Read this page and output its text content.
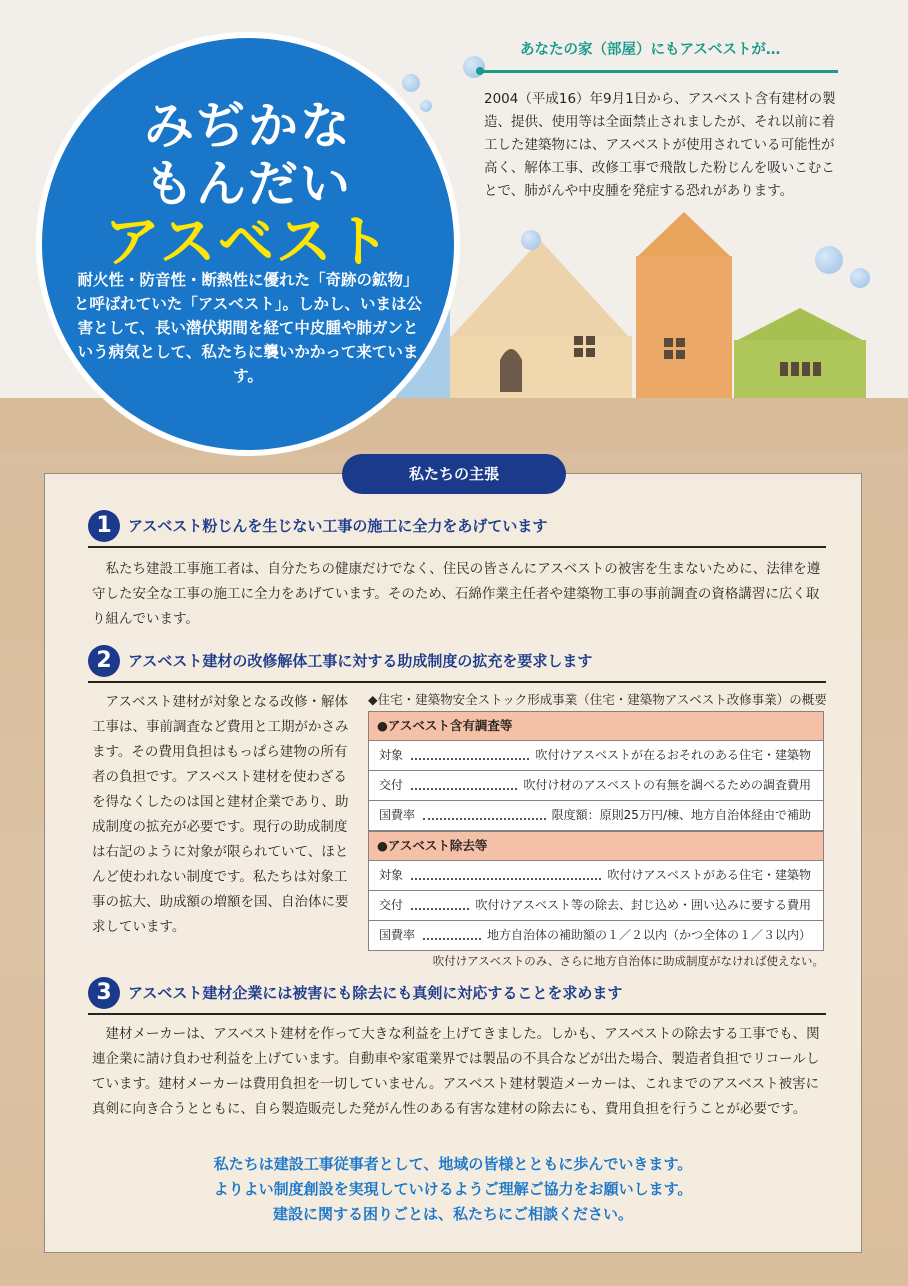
みぢかな
もんだい
アスベスト
耐火性・防音性・断熱性に優れた「奇跡の鉱物」と呼ばれていた「アスベスト」。しかし、いまは公害として、長い潜伏期間を経て中皮腫や肺ガンという病気として、私たちに襲いかかって来ています。
あなたの家（部屋）にもアスベストが…
2004（平成16）年9月1日から、アスベスト含有建材の製造、提供、使用等は全面禁止されましたが、それ以前に着工した建築物には、アスベストが使用されている可能性が高く、解体工事、改修工事で飛散した粉じんを吸いこむことで、肺がんや中皮腫を発症する恐れがあります。
私たちの主張
1	アスベスト粉じんを生じない工事の施工に全力をあげています
私たち建設工事施工者は、自分たちの健康だけでなく、住民の皆さんにアスベストの被害を生まないために、法律を遵守した安全な工事の施工に全力をあげています。そのため、石綿作業主任者や建築物工事の事前調査の資格講習に広く取り組んでいます。
2	アスベスト建材の改修解体工事に対する助成制度の拡充を要求します
アスベスト建材が対象となる改修・解体工事は、事前調査など費用と工期がかさみます。その費用負担はもっぱら建物の所有者の負担です。アスベスト建材を使わざるを得なくしたのは国と建材企業であり、助成制度の拡充が必要です。現行の助成制度は右記のように対象が限られていて、ほとんど使われない制度です。私たちは対象工事の拡大、助成額の増額を国、自治体に要求しています。
◆住宅・建築物安全ストック形成事業（住宅・建築物アスベスト改修事業）の概要
●アスベスト含有調査等
対象	吹付けアスベストが在るおそれのある住宅・建築物
交付	吹付け材のアスベストの有無を調べるための調査費用
国費率	限度額：原則25万円/棟、地方自治体経由で補助
●アスベスト除去等
対象	吹付けアスベストがある住宅・建築物
交付	吹付けアスベスト等の除去、封じ込め・囲い込みに要する費用
国費率	地方自治体の補助額の１／２以内（かつ全体の１／３以内）
吹付けアスベストのみ、さらに地方自治体に助成制度がなければ使えない。
3	アスベスト建材企業には被害にも除去にも真剣に対応することを求めます
建材メーカーは、アスベスト建材を作って大きな利益を上げてきました。しかも、アスベストの除去する工事でも、関連企業に請け負わせ利益を上げています。自動車や家電業界では製品の不具合などが出た場合、製造者負担でリコールしています。建材メーカーは費用負担を一切していません。アスベスト建材製造メーカーは、これまでのアスベスト被害に真剣に向き合うとともに、自ら製造販売した発がん性のある有害な建材の除去にも、費用負担を行うことが必要です。
私たちは建設工事従事者として、地域の皆様とともに歩んでいきます。
よりよい制度創設を実現していけるようご理解ご協力をお願いします。
建設に関する困りごとは、私たちにご相談ください。
